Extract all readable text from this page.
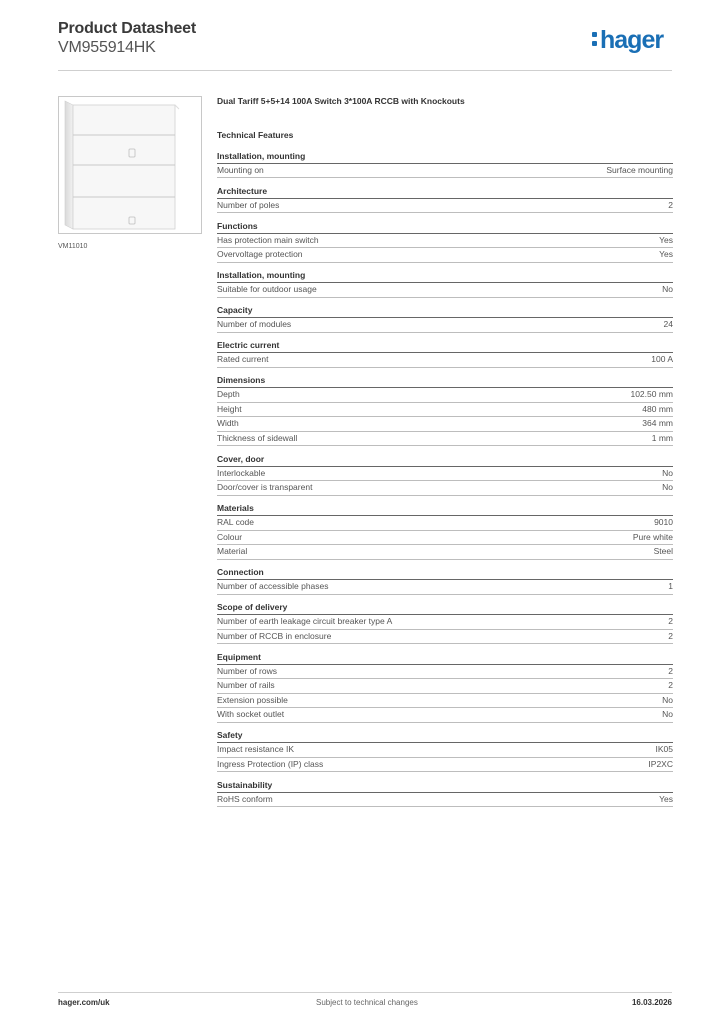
Product Datasheet
VM955914HK	hager
VM11010
Dual Tariff 5+5+14 100A Switch 3*100A RCCB with Knockouts
Technical Features
Installation, mounting
Mounting on	Surface mounting
Architecture
Number of poles	2
Functions
Has protection main switch	Yes
Overvoltage protection	Yes
Installation, mounting
Suitable for outdoor usage	No
Capacity
Number of modules	24
Electric current
Rated current	100 A
Dimensions
Depth	102.50 mm
Height	480 mm
Width	364 mm
Thickness of sidewall	1 mm
Cover, door
Interlockable	No
Door/cover is transparent	No
Materials
RAL code	9010
Colour	Pure white
Material	Steel
Connection
Number of accessible phases	1
Scope of delivery
Number of earth leakage circuit breaker type A	2
Number of RCCB in enclosure	2
Equipment
Number of rows	2
Number of rails	2
Extension possible	No
With socket outlet	No
Safety
Impact resistance IK	IK05
Ingress Protection (IP) class	IP2XC
Sustainability
RoHS conform	Yes
hager.com/uk	Subject to technical changes	16.03.2026
